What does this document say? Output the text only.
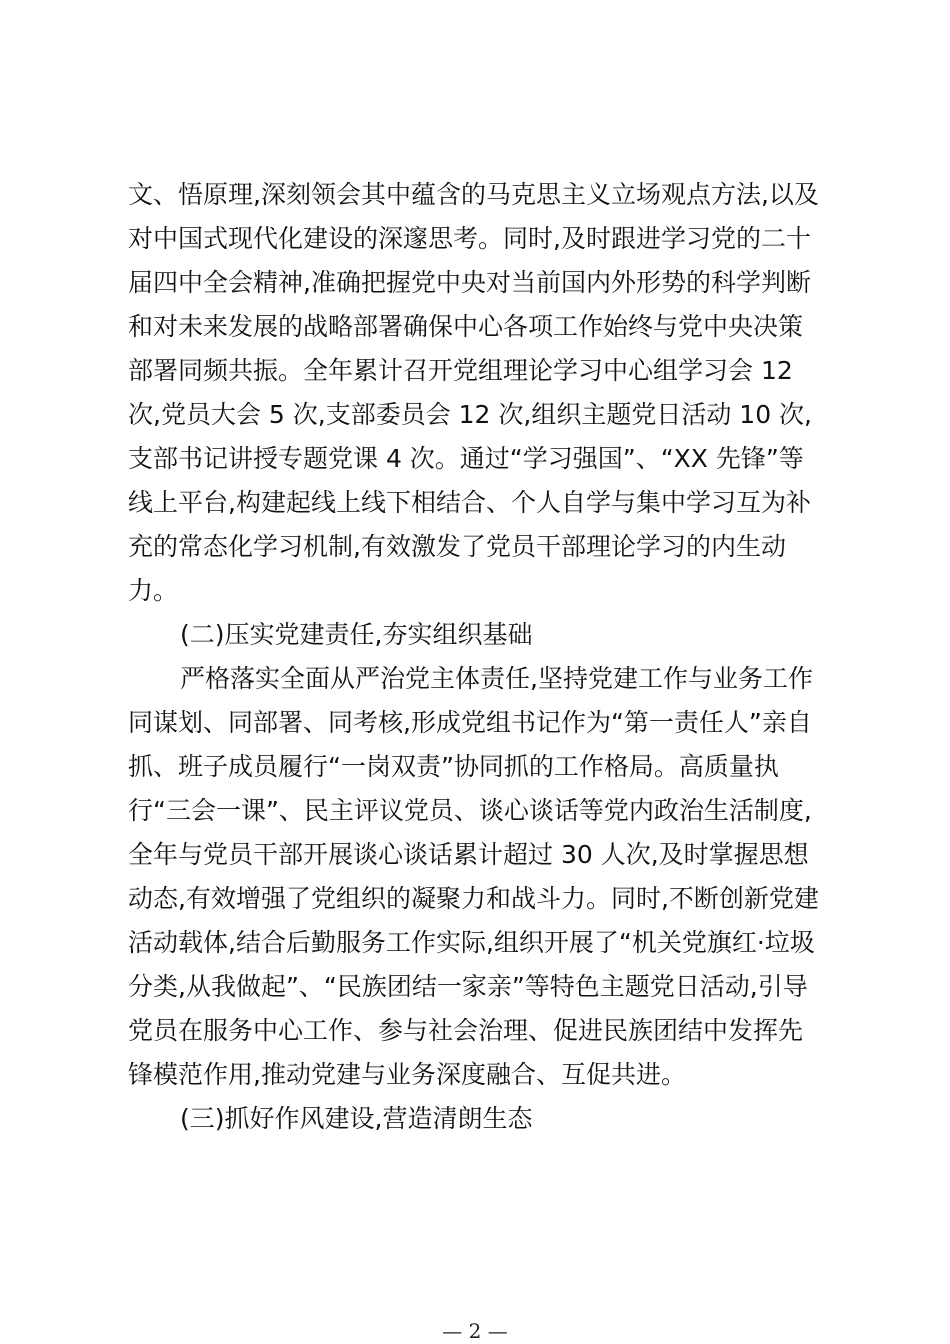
文、悟原理,深刻领会其中蕴含的马克思主义立场观点方法,以及
对中国式现代化建设的深邃思考。同时,及时跟进学习党的二十
届四中全会精神,准确把握党中央对当前国内外形势的科学判断
和对未来发展的战略部署确保中心各项工作始终与党中央决策
部署同频共振。全年累计召开党组理论学习中心组学习会 12
次,党员大会 5 次,支部委员会 12 次,组织主题党日活动 10 次,
支部书记讲授专题党课 4 次。通过“学习强国”、“XX 先锋”等
线上平台,构建起线上线下相结合、个人自学与集中学习互为补
充的常态化学习机制,有效激发了党员干部理论学习的内生动
力。
(二)压实党建责任,夯实组织基础
严格落实全面从严治党主体责任,坚持党建工作与业务工作
同谋划、同部署、同考核,形成党组书记作为“第一责任人”亲自
抓、班子成员履行“一岗双责”协同抓的工作格局。高质量执
行“三会一课”、民主评议党员、谈心谈话等党内政治生活制度,
全年与党员干部开展谈心谈话累计超过 30 人次,及时掌握思想
动态,有效增强了党组织的凝聚力和战斗力。同时,不断创新党建
活动载体,结合后勤服务工作实际,组织开展了“机关党旗红·垃圾
分类,从我做起”、“民族团结一家亲”等特色主题党日活动,引导
党员在服务中心工作、参与社会治理、促进民族团结中发挥先
锋模范作用,推动党建与业务深度融合、互促共进。
(三)抓好作风建设,营造清朗生态
— 2 —
